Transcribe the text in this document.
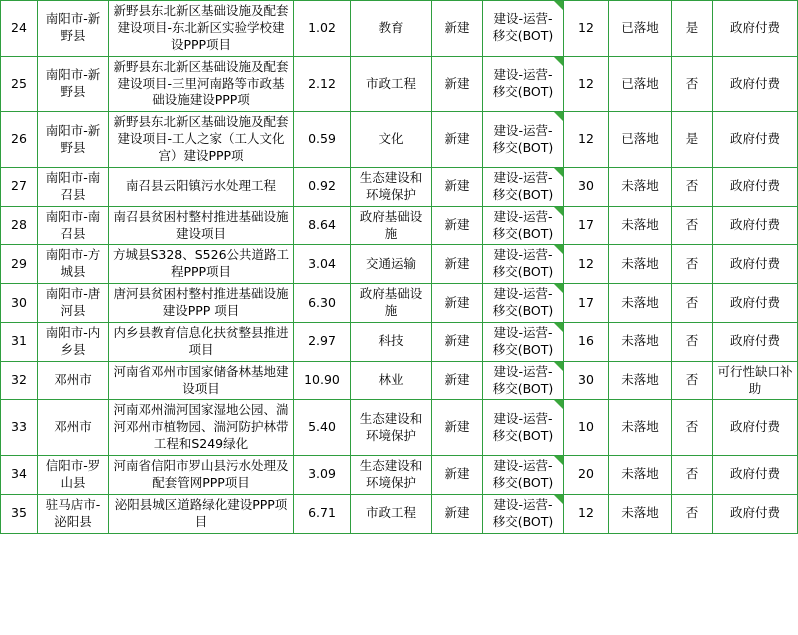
24	南阳市-新野县	新野县东北新区基础设施及配套建设项目-东北新区实验学校建设PPP项目	1.02	教育	新建	建设-运营-
移交(BOT)	12	已落地	是	政府付费
25	南阳市-新野县	新野县东北新区基础设施及配套建设项目-三里河南路等市政基础设施建设PPP项	2.12	市政工程	新建	建设-运营-
移交(BOT)	12	已落地	否	政府付费
26	南阳市-新野县	新野县东北新区基础设施及配套建设项目-工人之家（工人文化宫）建设PPP项	0.59	文化	新建	建设-运营-
移交(BOT)	12	已落地	是	政府付费
27	南阳市-南召县	南召县云阳镇污水处理工程	0.92	生态建设和环境保护	新建	建设-运营-
移交(BOT)	30	未落地	否	政府付费
28	南阳市-南召县	南召县贫困村整村推进基础设施建设项目	8.64	政府基础设施	新建	建设-运营-
移交(BOT)	17	未落地	否	政府付费
29	南阳市-方城县	方城县S328、S526公共道路工程PPP项目	3.04	交通运输	新建	建设-运营-
移交(BOT)	12	未落地	否	政府付费
30	南阳市-唐河县	唐河县贫困村整村推进基础设施建设PPP 项目	6.30	政府基础设施	新建	建设-运营-
移交(BOT)	17	未落地	否	政府付费
31	南阳市-内乡县	内乡县教育信息化扶贫整县推进项目	2.97	科技	新建	建设-运营-
移交(BOT)	16	未落地	否	政府付费
32	邓州市	河南省邓州市国家储备林基地建设项目	10.90	林业	新建	建设-运营-
移交(BOT)	30	未落地	否	可行性缺口补助
33	邓州市	河南邓州湍河国家湿地公园、湍河邓州市植物园、湍河防护林带工程和S249绿化	5.40	生态建设和环境保护	新建	建设-运营-
移交(BOT)	10	未落地	否	政府付费
34	信阳市-罗山县	河南省信阳市罗山县污水处理及配套管网PPP项目	3.09	生态建设和环境保护	新建	建设-运营-
移交(BOT)	20	未落地	否	政府付费
35	驻马店市-泌阳县	泌阳县城区道路绿化建设PPP项目	6.71	市政工程	新建	建设-运营-
移交(BOT)	12	未落地	否	政府付费
